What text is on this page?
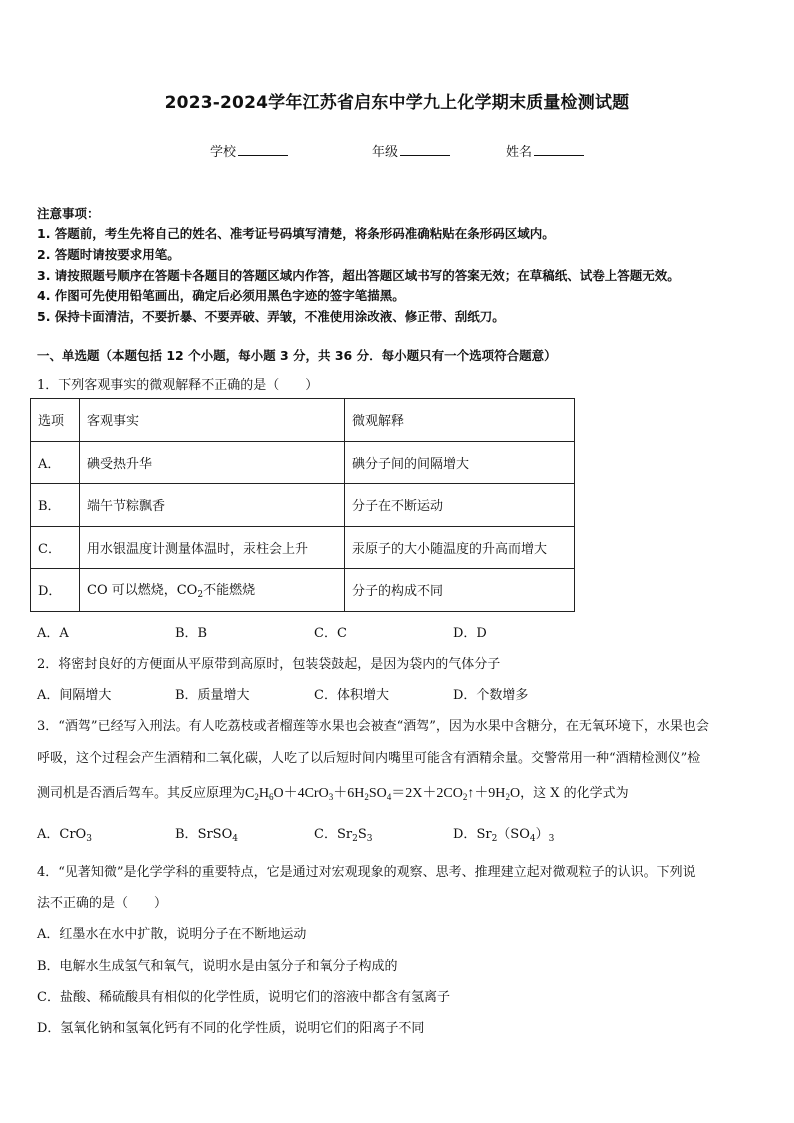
2023-2024学年江苏省启东中学九上化学期末质量检测试题
学校	年级	姓名
注意事项：
1. 答题前，考生先将自己的姓名、准考证号码填写清楚，将条形码准确粘贴在条形码区域内。
2. 答题时请按要求用笔。
3. 请按照题号顺序在答题卡各题目的答题区域内作答，超出答题区域书写的答案无效；在草稿纸、试卷上答题无效。
4. 作图可先使用铅笔画出，确定后必须用黑色字迹的签字笔描黑。
5. 保持卡面清洁，不要折暴、不要弄破、弄皱，不准使用涂改液、修正带、刮纸刀。
一、单选题（本题包括 12 个小题，每小题 3 分，共 36 分．每小题只有一个选项符合题意）
1．下列客观事实的微观解释不正确的是（　　）
选项	客观事实	微观解释
A．	碘受热升华	碘分子间的间隔增大
B．	端午节粽飘香	分子在不断运动
C．	用水银温度计测量体温时，汞柱会上升	汞原子的大小随温度的升高而增大
D．	CO 可以燃烧，$CO_2$不能燃烧	分子的构成不同
A．A	B．B	C．C	D．D
2．将密封良好的方便面从平原带到高原时，包装袋鼓起，是因为袋内的气体分子
A．间隔增大	B．质量增大	C．体积增大	D．个数增多
3．“酒驾”已经写入刑法。有人吃荔枝或者榴莲等水果也会被查“酒驾”，因为水果中含糖分，在无氧环境下，水果也会
呼吸，这个过程会产生酒精和二氧化碳，人吃了以后短时间内嘴里可能含有酒精余量。交警常用一种“酒精检测仪”检
测司机是否酒后驾车。其反应原理为$C_2H_6O+4CrO_3+6H_2SO_4=2X+2CO_2↑+9H_2O$，这 X 的化学式为
A．CrO$_3$	B．SrSO$_4$	C．$Sr_2S_3$	D．$Sr_2(SO_4)_3$
4．“见著知微”是化学学科的重要特点，它是通过对宏观现象的观察、思考、推理建立起对微观粒子的认识。下列说
法不正确的是（　　）
A．红墨水在水中扩散，说明分子在不断地运动
B．电解水生成氢气和氧气，说明水是由氢分子和氧分子构成的
C．盐酸、稀硫酸具有相似的化学性质，说明它们的溶液中都含有氢离子
D．氢氧化钠和氢氧化钙有不同的化学性质，说明它们的阳离子不同
